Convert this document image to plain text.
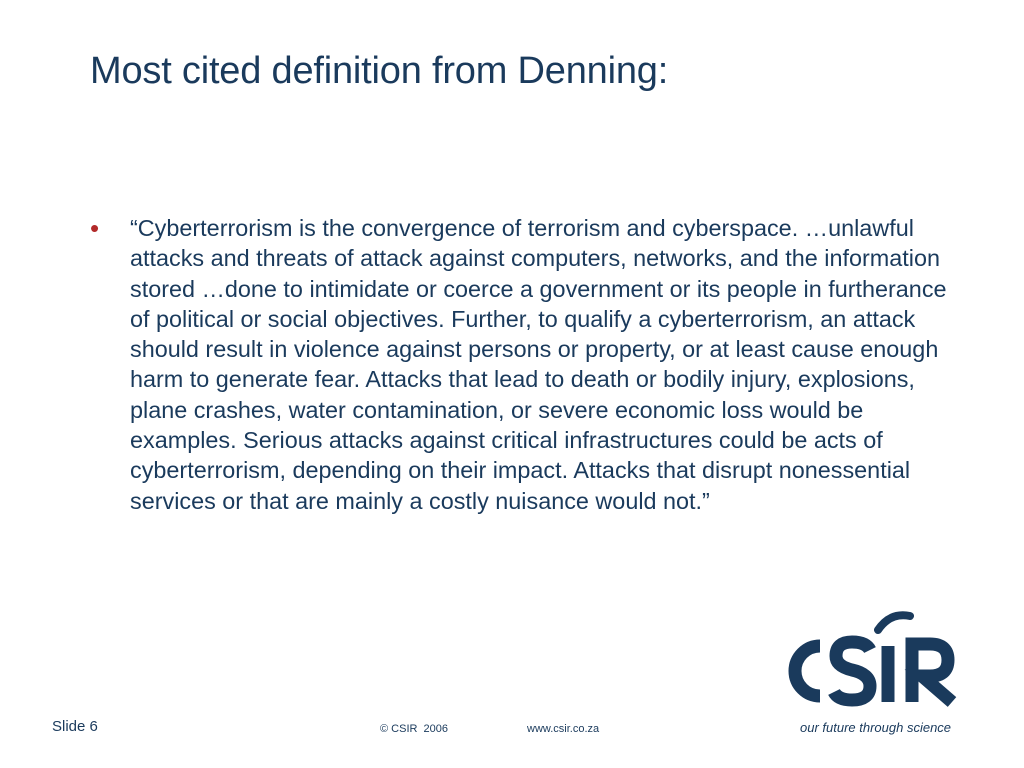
Most cited definition from Denning:
•	“Cyberterrorism is the convergence of terrorism and cyberspace. …unlawful attacks and threats of attack against computers, networks, and the information stored …done to intimidate or coerce a government or its people in furtherance of political or social objectives. Further, to qualify a cyberterrorism, an attack should result in violence against persons or property, or at least cause enough harm to generate fear. Attacks that lead to death or bodily injury, explosions, plane crashes, water contamination, or severe economic loss would be examples. Serious attacks against critical infrastructures could be acts of cyberterrorism, depending on their impact. Attacks that disrupt nonessential services or that are mainly a costly nuisance would not.”
Slide 6	© CSIR  2006	www.csir.co.za	our future through science
